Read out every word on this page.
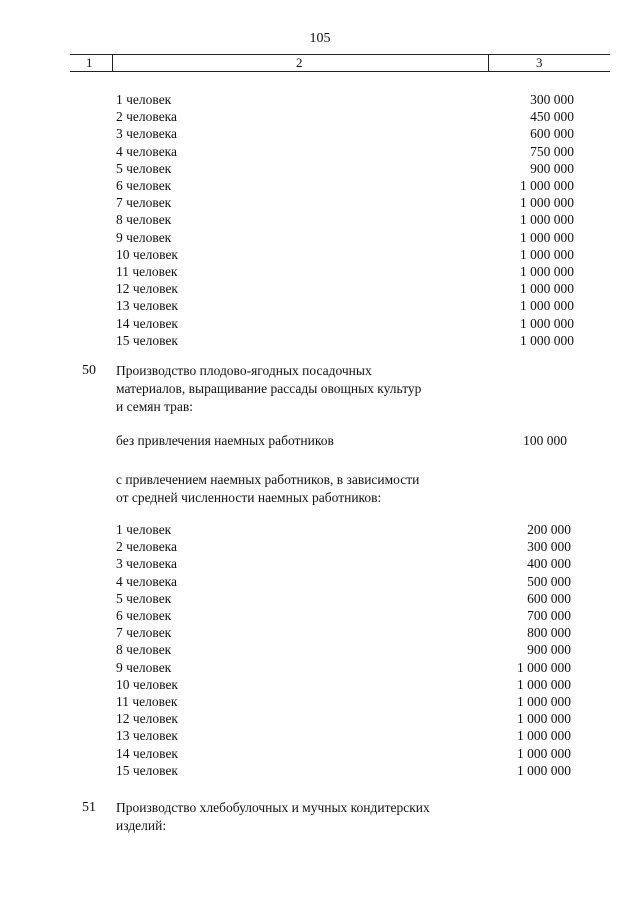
105
1	2	3
1 человек	300 000
2 человека	450 000
3 человека	600 000
4 человека	750 000
5 человек	900 000
6 человек	1 000 000
7 человек	1 000 000
8 человек	1 000 000
9 человек	1 000 000
10 человек	1 000 000
11 человек	1 000 000
12 человек	1 000 000
13 человек	1 000 000
14 человек	1 000 000
15 человек	1 000 000
50 Производство плодово-ягодных посадочных
материалов, выращивание рассады овощных культур
и семян трав:
без привлечения наемных работников	100 000
с привлечением наемных работников, в зависимости
от средней численности наемных работников:
1 человек	200 000
2 человека	300 000
3 человека	400 000
4 человека	500 000
5 человек	600 000
6 человек	700 000
7 человек	800 000
8 человек	900 000
9 человек	1 000 000
10 человек	1 000 000
11 человек	1 000 000
12 человек	1 000 000
13 человек	1 000 000
14 человек	1 000 000
15 человек	1 000 000
51 Производство хлебобулочных и мучных кондитерских
изделий:
